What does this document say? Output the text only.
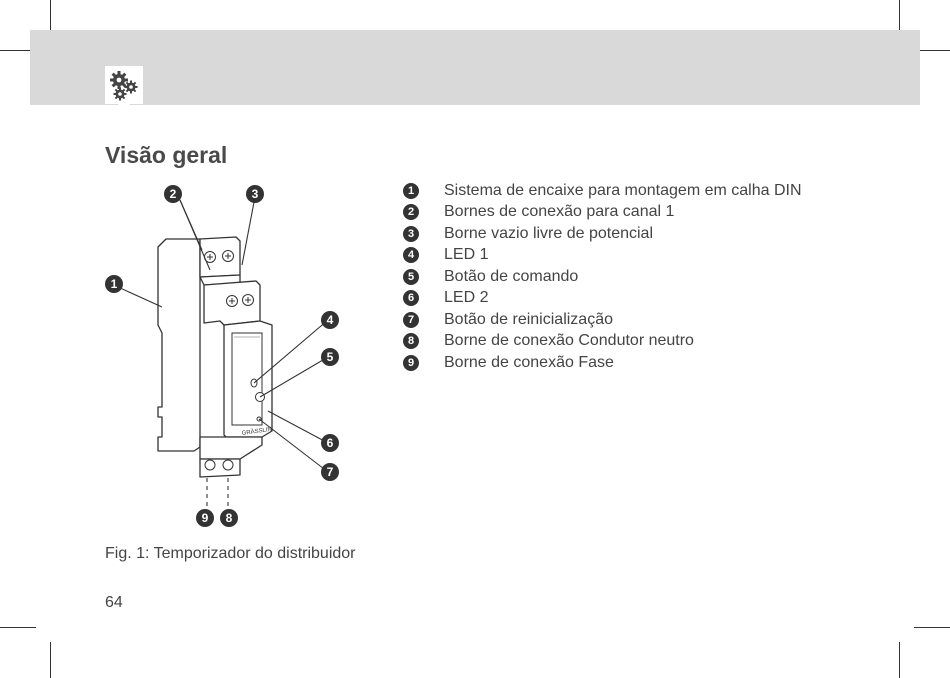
Visão geral
GRÄSSLIN
2	3
1
4
5
6
7
9 8
1	Sistema de encaixe para montagem em calha DIN
2	Bornes de conexão para canal 1
3	Borne vazio livre de potencial
4	LED 1
5	Botão de comando
6	LED 2
7	Botão de reinicialização
8	Borne de conexão Condutor neutro
9	Borne de conexão Fase
Fig. 1: Temporizador do distribuidor
64
